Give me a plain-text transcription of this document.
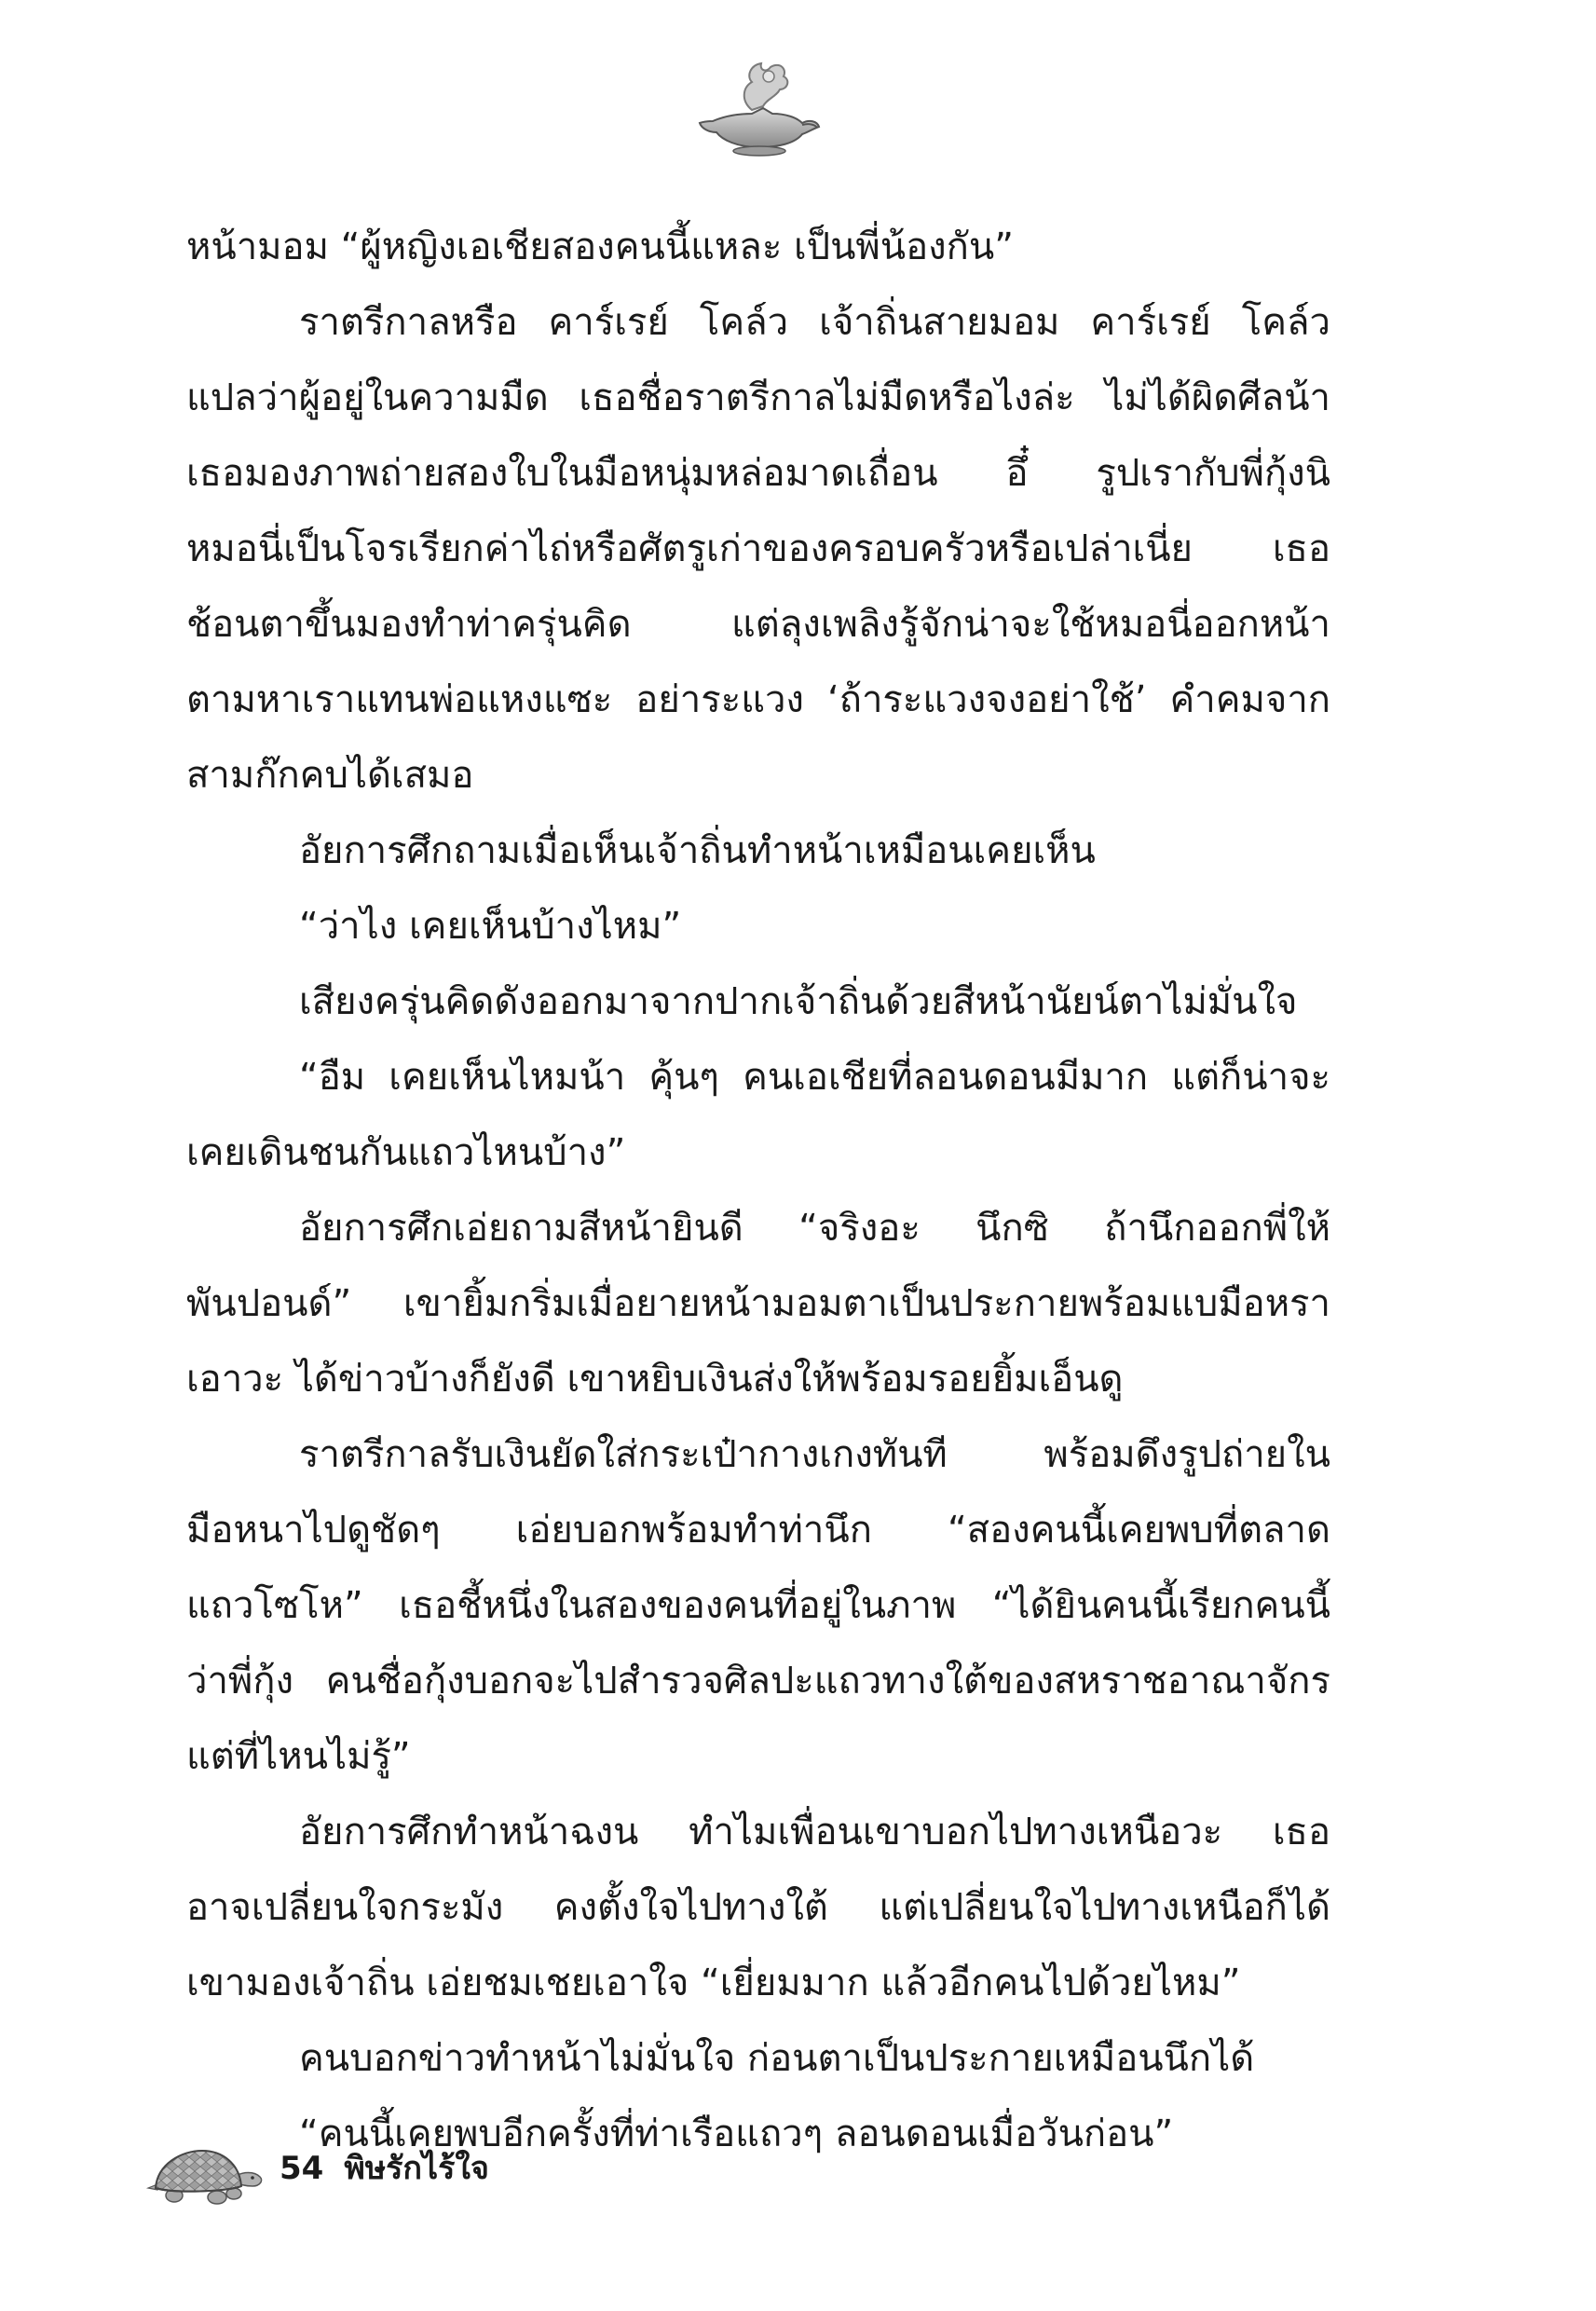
หน้ามอม “ผู้หญิงเอเชียสองคนนี้แหละ เป็นพี่น้องกัน”
ราตรีกาลหรือ คาร์เรย์ โคล์ว เจ้าถิ่นสายมอม คาร์เรย์ โคล์ว
แปลว่าผู้อยู่ในความมืด เธอชื่อราตรีกาลไม่มืดหรือไงล่ะ ไม่ได้ผิดศีลน้า
เธอมองภาพถ่ายสองใบในมือหนุ่มหล่อมาดเถื่อน อึ๋ รูปเรากับพี่กุ้งนิ
หมอนี่เป็นโจรเรียกค่าไถ่หรือศัตรูเก่าของครอบครัวหรือเปล่าเนี่ย เธอ
ช้อนตาขึ้นมองทำท่าครุ่นคิด แต่ลุงเพลิงรู้จักน่าจะใช้หมอนี่ออกหน้า
ตามหาเราแทนพ่อแหงแซะ อย่าระแวง ‘ถ้าระแวงจงอย่าใช้’ คำคมจาก
สามก๊กคบได้เสมอ
อัยการศึกถามเมื่อเห็นเจ้าถิ่นทำหน้าเหมือนเคยเห็น
“ว่าไง เคยเห็นบ้างไหม”
เสียงครุ่นคิดดังออกมาจากปากเจ้าถิ่นด้วยสีหน้านัยน์ตาไม่มั่นใจ
“อืม เคยเห็นไหมน้า คุ้นๆ คนเอเชียที่ลอนดอนมีมาก แต่ก็น่าจะ
เคยเดินชนกันแถวไหนบ้าง”
อัยการศึกเอ่ยถามสีหน้ายินดี “จริงอะ นึกซิ ถ้านึกออกพี่ให้
พันปอนด์” เขายิ้มกริ่มเมื่อยายหน้ามอมตาเป็นประกายพร้อมแบมือหรา
เอาวะ ได้ข่าวบ้างก็ยังดี เขาหยิบเงินส่งให้พร้อมรอยยิ้มเอ็นดู
ราตรีกาลรับเงินยัดใส่กระเป๋ากางเกงทันที พร้อมดึงรูปถ่ายใน
มือหนาไปดูชัดๆ เอ่ยบอกพร้อมทำท่านึก “สองคนนี้เคยพบที่ตลาด
แถวโซโห” เธอชี้หนึ่งในสองของคนที่อยู่ในภาพ “ได้ยินคนนี้เรียกคนนี้
ว่าพี่กุ้ง คนชื่อกุ้งบอกจะไปสำรวจศิลปะแถวทางใต้ของสหราชอาณาจักร
แต่ที่ไหนไม่รู้”
อัยการศึกทำหน้าฉงน ทำไมเพื่อนเขาบอกไปทางเหนือวะ เธอ
อาจเปลี่ยนใจกระมัง คงตั้งใจไปทางใต้ แต่เปลี่ยนใจไปทางเหนือก็ได้
เขามองเจ้าถิ่น เอ่ยชมเชยเอาใจ “เยี่ยมมาก แล้วอีกคนไปด้วยไหม”
คนบอกข่าวทำหน้าไม่มั่นใจ ก่อนตาเป็นประกายเหมือนนึกได้
“คนนี้เคยพบอีกครั้งที่ท่าเรือแถวๆ ลอนดอนเมื่อวันก่อน”
54 พิษรักไร้ใจ
